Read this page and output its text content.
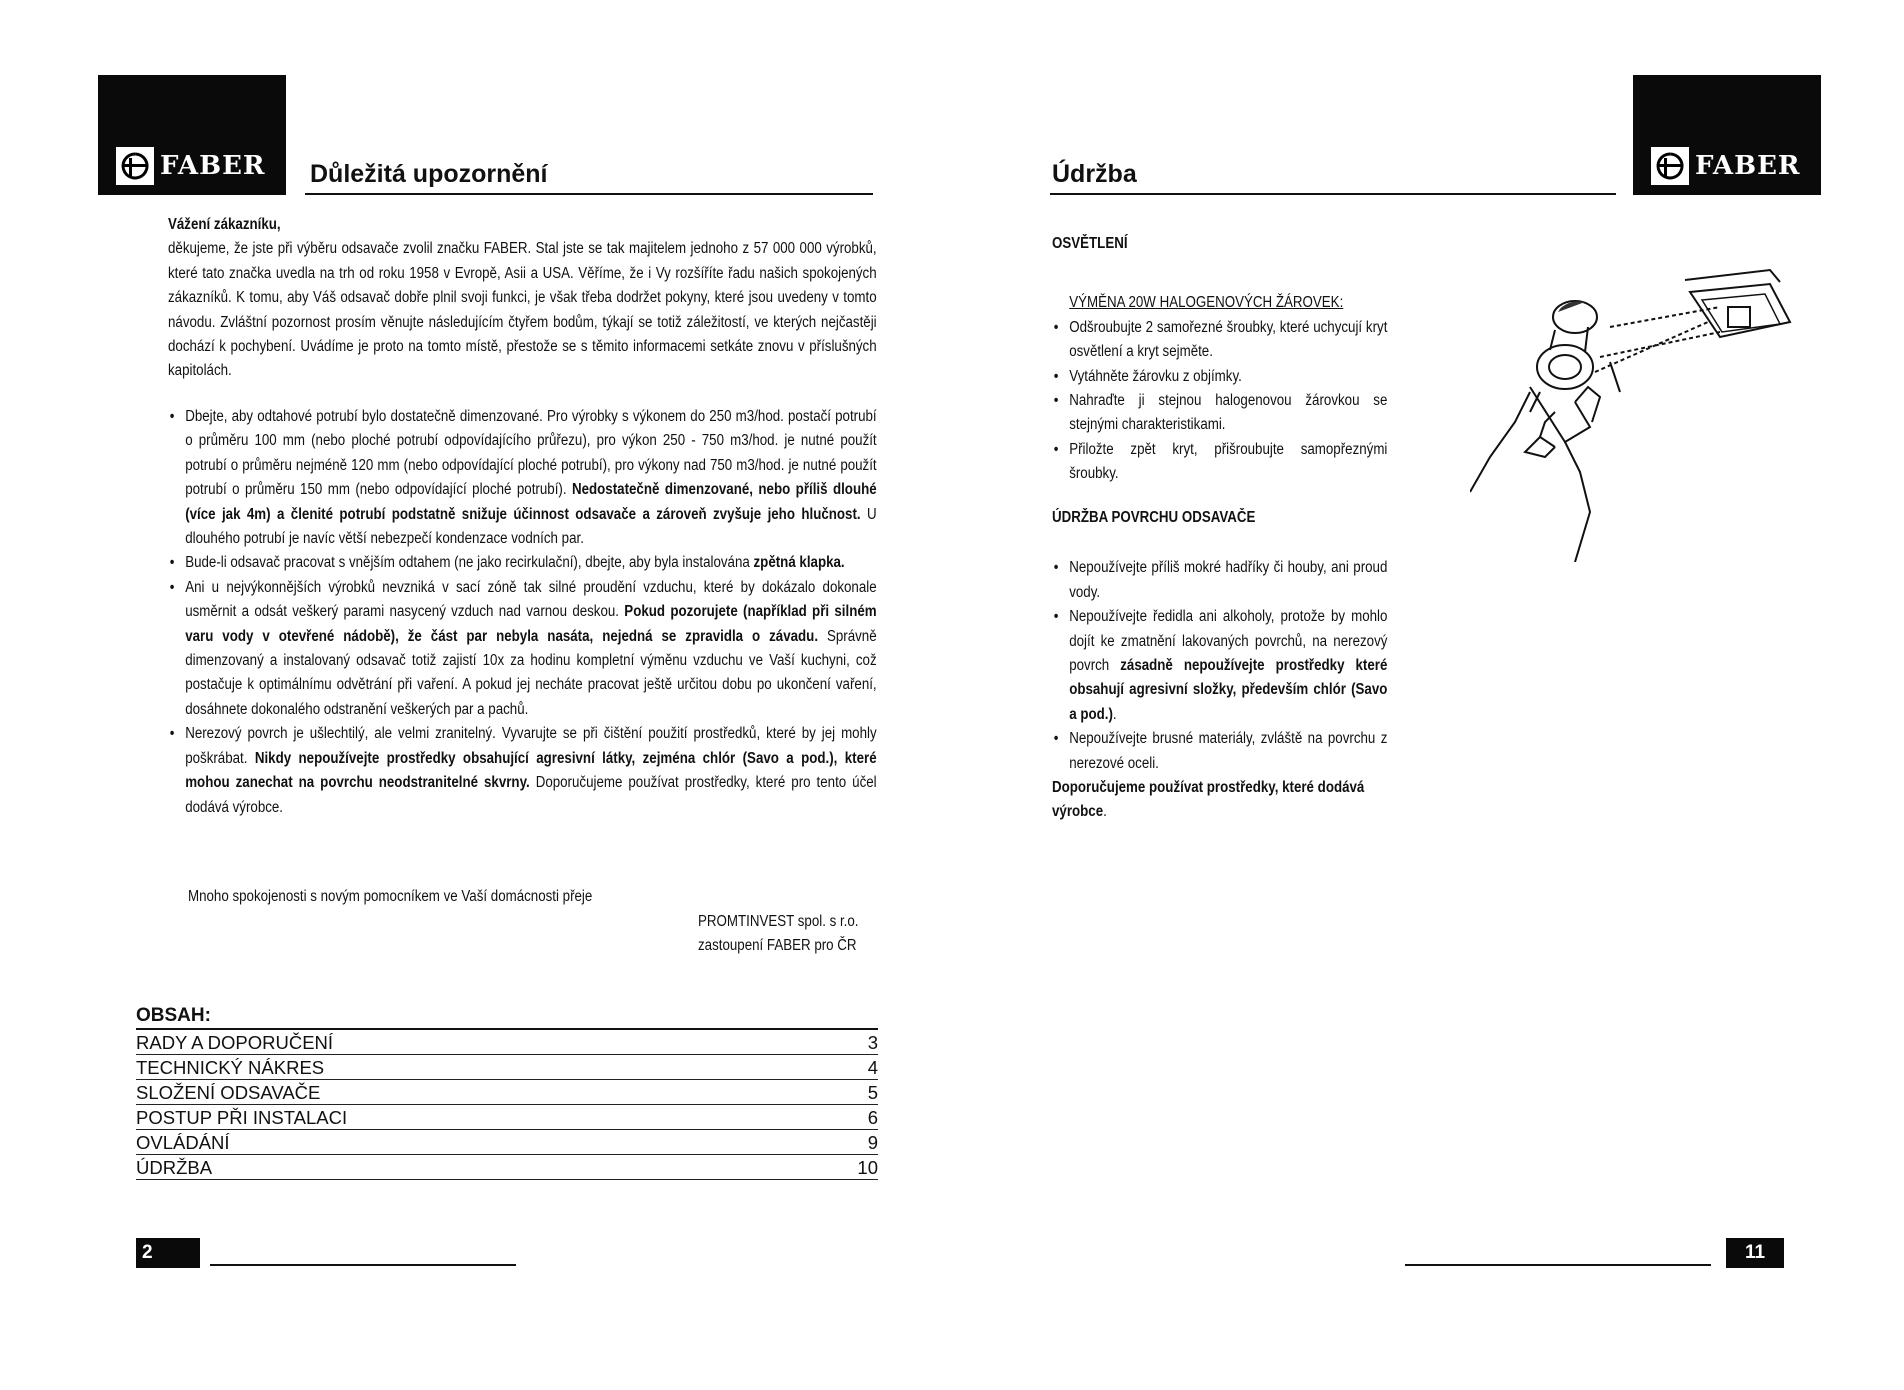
FABER Důležitá upozornění

Vážení zákazníku,

děkujeme, že jste při výběru odsavače zvolil značku FABER. Stal jste se tak majitelem jednoho z 57 000 000 výrobků, které tato značka uvedla na trh od roku 1958 v Evropě, Asii a USA. Věříme, že i Vy rozšíříte řadu našich spokojených zákazníků. K tomu, aby Váš odsavač dobře plnil svoji funkci, je však třeba dodržet pokyny, které jsou uvedeny v tomto návodu. Zvláštní pozornost prosím věnujte následujícím čtyřem bodům, týkají se totiž záležitostí, ve kterých nejčastěji dochází k pochybení. Uvádíme je proto na tomto místě, přestože se s těmito informacemi setkáte znovu v příslušných kapitolách.

• Dbejte, aby odtahové potrubí bylo dostatečně dimenzované. Pro výrobky s výkonem do 250 m3/hod. postačí potrubí o průměru 100 mm (nebo ploché potrubí odpovídajícího průřezu), pro výkon 250 - 750 m3/hod. je nutné použít potrubí o průměru nejméně 120 mm (nebo odpovídající ploché potrubí), pro výkony nad 750 m3/hod. je nutné použít potrubí o průměru 150 mm (nebo odpovídající ploché potrubí). Nedostatečně dimenzované, nebo příliš dlouhé (více jak 4m) a členité potrubí podstatně snižuje účinnost odsavače a zároveň zvyšuje jeho hlučnost. U dlouhého potrubí je navíc větší nebezpečí kondenzace vodních par.
• Bude-li odsavač pracovat s vnějším odtahem (ne jako recirkulační), dbejte, aby byla instalována zpětná klapka.
• Ani u nejvýkonnějších výrobků nevzniká v sací zóně tak silné proudění vzduchu, které by dokázalo dokonale usměrnit a odsát veškerý parami nasycený vzduch nad varnou deskou. Pokud pozorujete (například při silném varu vody v otevřené nádobě), že část par nebyla nasáta, nejedná se zpravidla o závadu. Správně dimenzovaný a instalovaný odsavač totiž zajistí 10x za hodinu kompletní výměnu vzduchu ve Vaší kuchyni, což postačuje k optimálnímu odvětrání při vaření. A pokud jej necháte pracovat ještě určitou dobu po ukončení vaření, dosáhnete dokonalého odstranění veškerých par a pachů.
• Nerezový povrch je ušlechtilý, ale velmi zranitelný. Vyvarujte se při čištění použití prostředků, které by jej mohly poškrábat. Nikdy nepoužívejte prostředky obsahující agresivní látky, zejména chlór (Savo a pod.), které mohou zanechat na povrchu neodstranitelné skvrny. Doporučujeme používat prostředky, které pro tento účel dodává výrobce.
Mnoho spokojenosti s novým pomocníkem ve Vaší domácnosti přeje

PROMTINVEST spol. s r.o.

zastoupení FABER pro ČR

OBSAH:
RADY A DOPORUČENÍ	3
TECHNICKÝ NÁKRES	4
SLOŽENÍ ODSAVAČE	5
POSTUP PŘI INSTALACI	6
OVLÁDÁNÍ	9
ÚDRŽBA	10
2
FABER
Údržba

OSVĚTLENÍ

VÝMĚNA 20W HALOGENOVÝCH ŽÁROVEK:

• Odšroubujte 2 samořezné šroubky, které uchycují kryt osvětlení a kryt sejměte.
• Vytáhněte žárovku z objímky.
• Nahraďte ji stejnou halogenovou žárovkou se stejnými charakteristikami.
• Přiložte zpět kryt, přišroubujte samopřeznými šroubky.

ÚDRŽBA POVRCHU ODSAVAČE

• Nepoužívejte příliš mokré hadříky či houby, ani proud vody.
• Nepoužívejte ředidla ani alkoholy, protože by mohlo dojít ke zmatnění lakovaných povrchů, na nerezový povrch zásadně nepoužívejte prostředky které obsahují agresivní složky, především chlór (Savo a pod.).
• Nepoužívejte brusné materiály, zvláště na povrchu z nerezové oceli.

Doporučujeme používat prostředky, které dodává výrobce.

11
